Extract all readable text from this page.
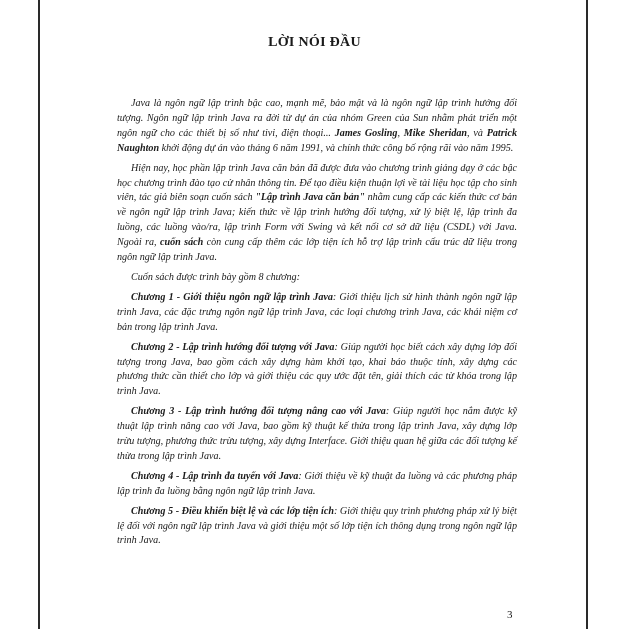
LỜI NÓI ĐẦU

Java là ngôn ngữ lập trình bậc cao, mạnh mẽ, bảo mật và là ngôn ngữ lập trình hướng đối tượng. Ngôn ngữ lập trình Java ra đời từ dự án của nhóm Green của Sun nhằm phát triển một ngôn ngữ cho các thiết bị số như tivi, điện thoại... James Gosling, Mike Sheridan, và Patrick Naughton khởi động dự án vào tháng 6 năm 1991, và chính thức công bố rộng rãi vào năm 1995.

Hiện nay, học phần lập trình Java căn bản đã được đưa vào chương trình giảng dạy ở các bậc học chương trình đào tạo cử nhân thông tin. Để tạo điều kiện thuận lợi về tài liệu học tập cho sinh viên, tác giả biên soạn cuốn sách "Lập trình Java căn bản" nhằm cung cấp các kiến thức cơ bản về ngôn ngữ lập trình Java; kiến thức về lập trình hướng đối tượng, xử lý biệt lệ, lập trình đa luồng, các luồng vào/ra, lập trình Form với Swing và kết nối cơ sở dữ liệu (CSDL) với Java. Ngoài ra, cuốn sách còn cung cấp thêm các lớp tiện ích hỗ trợ lập trình cấu trúc dữ liệu trong ngôn ngữ lập trình Java.

Cuốn sách được trình bày gồm 8 chương:

Chương 1 - Giới thiệu ngôn ngữ lập trình Java: Giới thiệu lịch sử hình thành ngôn ngữ lập trình Java, các đặc trưng ngôn ngữ lập trình Java, các loại chương trình Java, các khái niệm cơ bản trong lập trình Java.

Chương 2 - Lập trình hướng đối tượng với Java: Giúp người học biết cách xây dựng lớp đối tượng trong Java, bao gồm cách xây dựng hàm khởi tạo, khai báo thuộc tính, xây dựng các phương thức cần thiết cho lớp và giới thiệu các quy ước đặt tên, giải thích các từ khóa trong lập trình Java.

Chương 3 - Lập trình hướng đối tượng nâng cao với Java: Giúp người học nắm được kỹ thuật lập trình nâng cao với Java, bao gồm kỹ thuật kế thừa trong lập trình Java, xây dựng lớp trừu tượng, phương thức trừu tượng, xây dựng Interface. Giới thiệu quan hệ giữa các đối tượng kế thừa trong lập trình Java.

Chương 4 - Lập trình đa tuyến với Java: Giới thiệu về kỹ thuật đa luồng và các phương pháp lập trình đa luồng bằng ngôn ngữ lập trình Java.

Chương 5 - Điều khiển biệt lệ và các lớp tiện ích: Giới thiệu quy trình phương pháp xử lý biệt lệ đối với ngôn ngữ lập trình Java và giới thiệu một số lớp tiện ích thông dụng trong ngôn ngữ lập trình Java.

3
